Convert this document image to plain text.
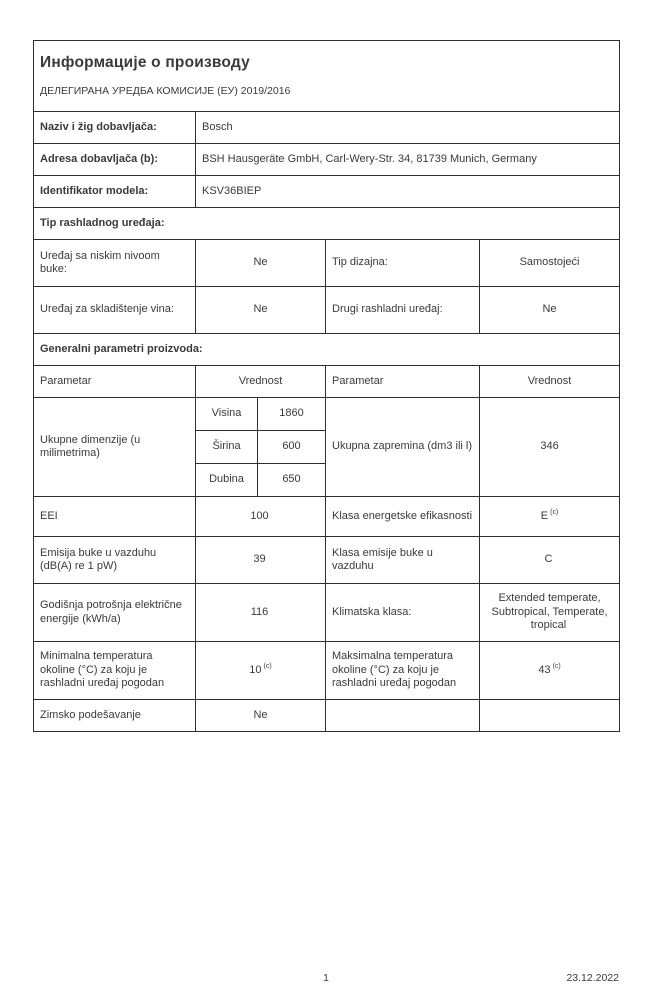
Информације о производу
ДЕЛЕГИРАНА УРЕДБА КОМИСИЈЕ (ЕУ) 2019/2016				

Naziv i žig dobavljača:	Bosch			
Adresa dobavljača (b):	BSH Hausgeräte GmbH, Carl-Wery-Str. 34, 81739 Munich, Germany			
Identifikator modela:	KSV36BIEP			
Tip rashladnog uređaja:				
Uređaj sa niskim nivoom buke:	Ne		Tip dizajna:	Samostojeći
Uređaj za skladištenje vina:	Ne		Drugi rashladni uređaj:	Ne
Generalni parametri proizvoda:				
Parametar	Vrednost		Parametar	Vrednost
Ukupne dimenzije (u milimetrima)	Visina	1860	Ukupna zapremina (dm3 ili l)	346
	Širina	600		
	Dubina	650		
EEI	100		Klasa energetske efikasnosti	E $^{(c)}$
Emisija buke u vazduhu (dB(A) re 1 pW)	39		Klasa emisije buke u vazduhu	C
Godišnja potrošnja električne energije (kWh/a)	116		Klimatska klasa:	Extended temperate, Subtropical, Temperate, tropical
Minimalna temperatura okoline (°C) za koju je rashladni uređaj pogodan	10 $^{(c)}$		Maksimalna temperatura okoline (°C) za koju je rashladni uređaj pogodan	43 $^{(c)}$
Zimsko podešavanje	Ne			
1	23.12.2022
